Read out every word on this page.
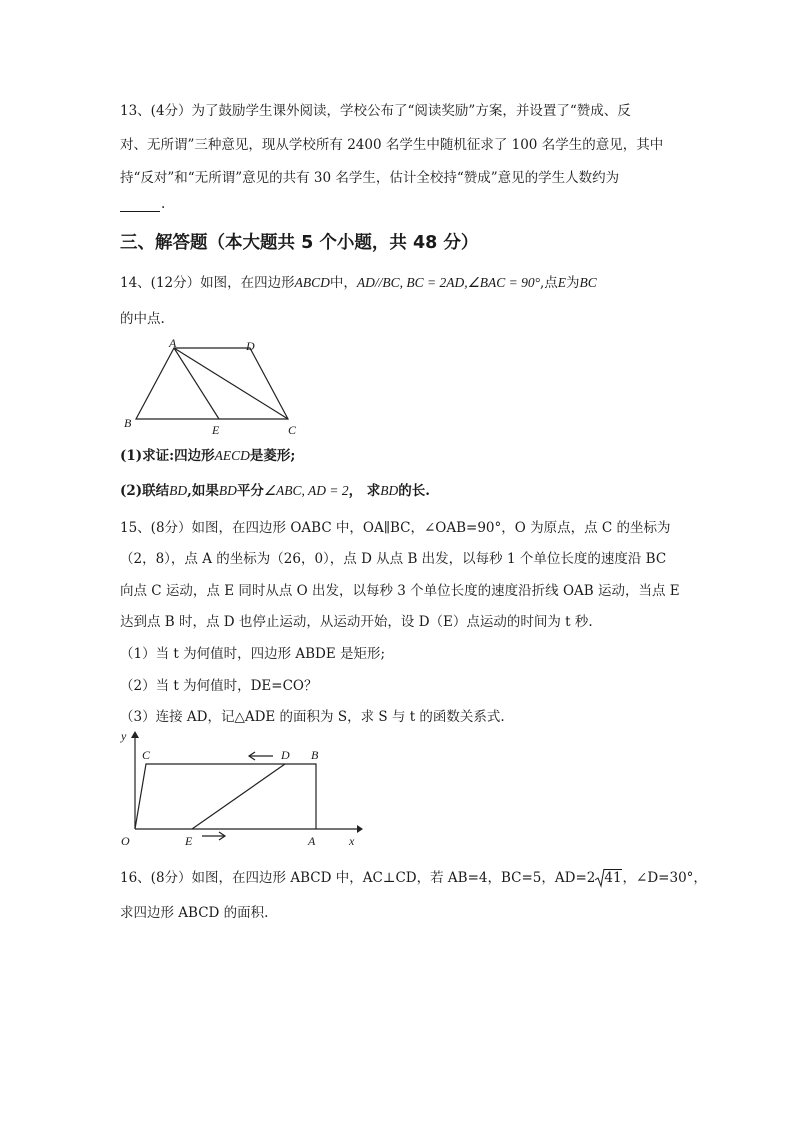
13、(4分）为了鼓励学生课外阅读，学校公布了“阅读奖励”方案，并设置了“赞成、反
对、无所谓”三种意见，现从学校所有 2400 名学生中随机征求了 100 名学生的意见，其中
持“反对”和“无所谓”意见的共有 30 名学生，估计全校持“赞成”意见的学生人数约为
.
三、解答题（本大题共 5 个小题，共 48 分）
14、(12分）如图，在四边形ABCD中，AD//BC, BC = 2AD,∠BAC = 90°,点E为BC
的中点.
A	D
B	E	C
(1)求证:四边形AECD是菱形;
(2)联结BD,如果BD平分∠ABC, AD = 2， 求BD的长.
15、(8分）如图，在四边形 OABC 中，OA∥BC，∠OAB=90°，O 为原点，点 C 的坐标为
（2，8），点 A 的坐标为（26，0），点 D 从点 B 出发，以每秒 1 个单位长度的速度沿 BC
向点 C 运动，点 E 同时从点 O 出发，以每秒 3 个单位长度的速度沿折线 OAB 运动，当点 E
达到点 B 时，点 D 也停止运动，从运动开始，设 D（E）点运动的时间为 t 秒.
（1）当 t 为何值时，四边形 ABDE 是矩形;
（2）当 t 为何值时，DE=CO？
（3）连接 AD，记△ADE 的面积为 S，求 S 与 t 的函数关系式.
y
x
O
C	D B
E	A
16、(8分）如图，在四边形 ABCD 中，AC⊥CD，若 AB=4，BC=5，AD=2 41，∠D=30°，
求四边形 ABCD 的面积.
